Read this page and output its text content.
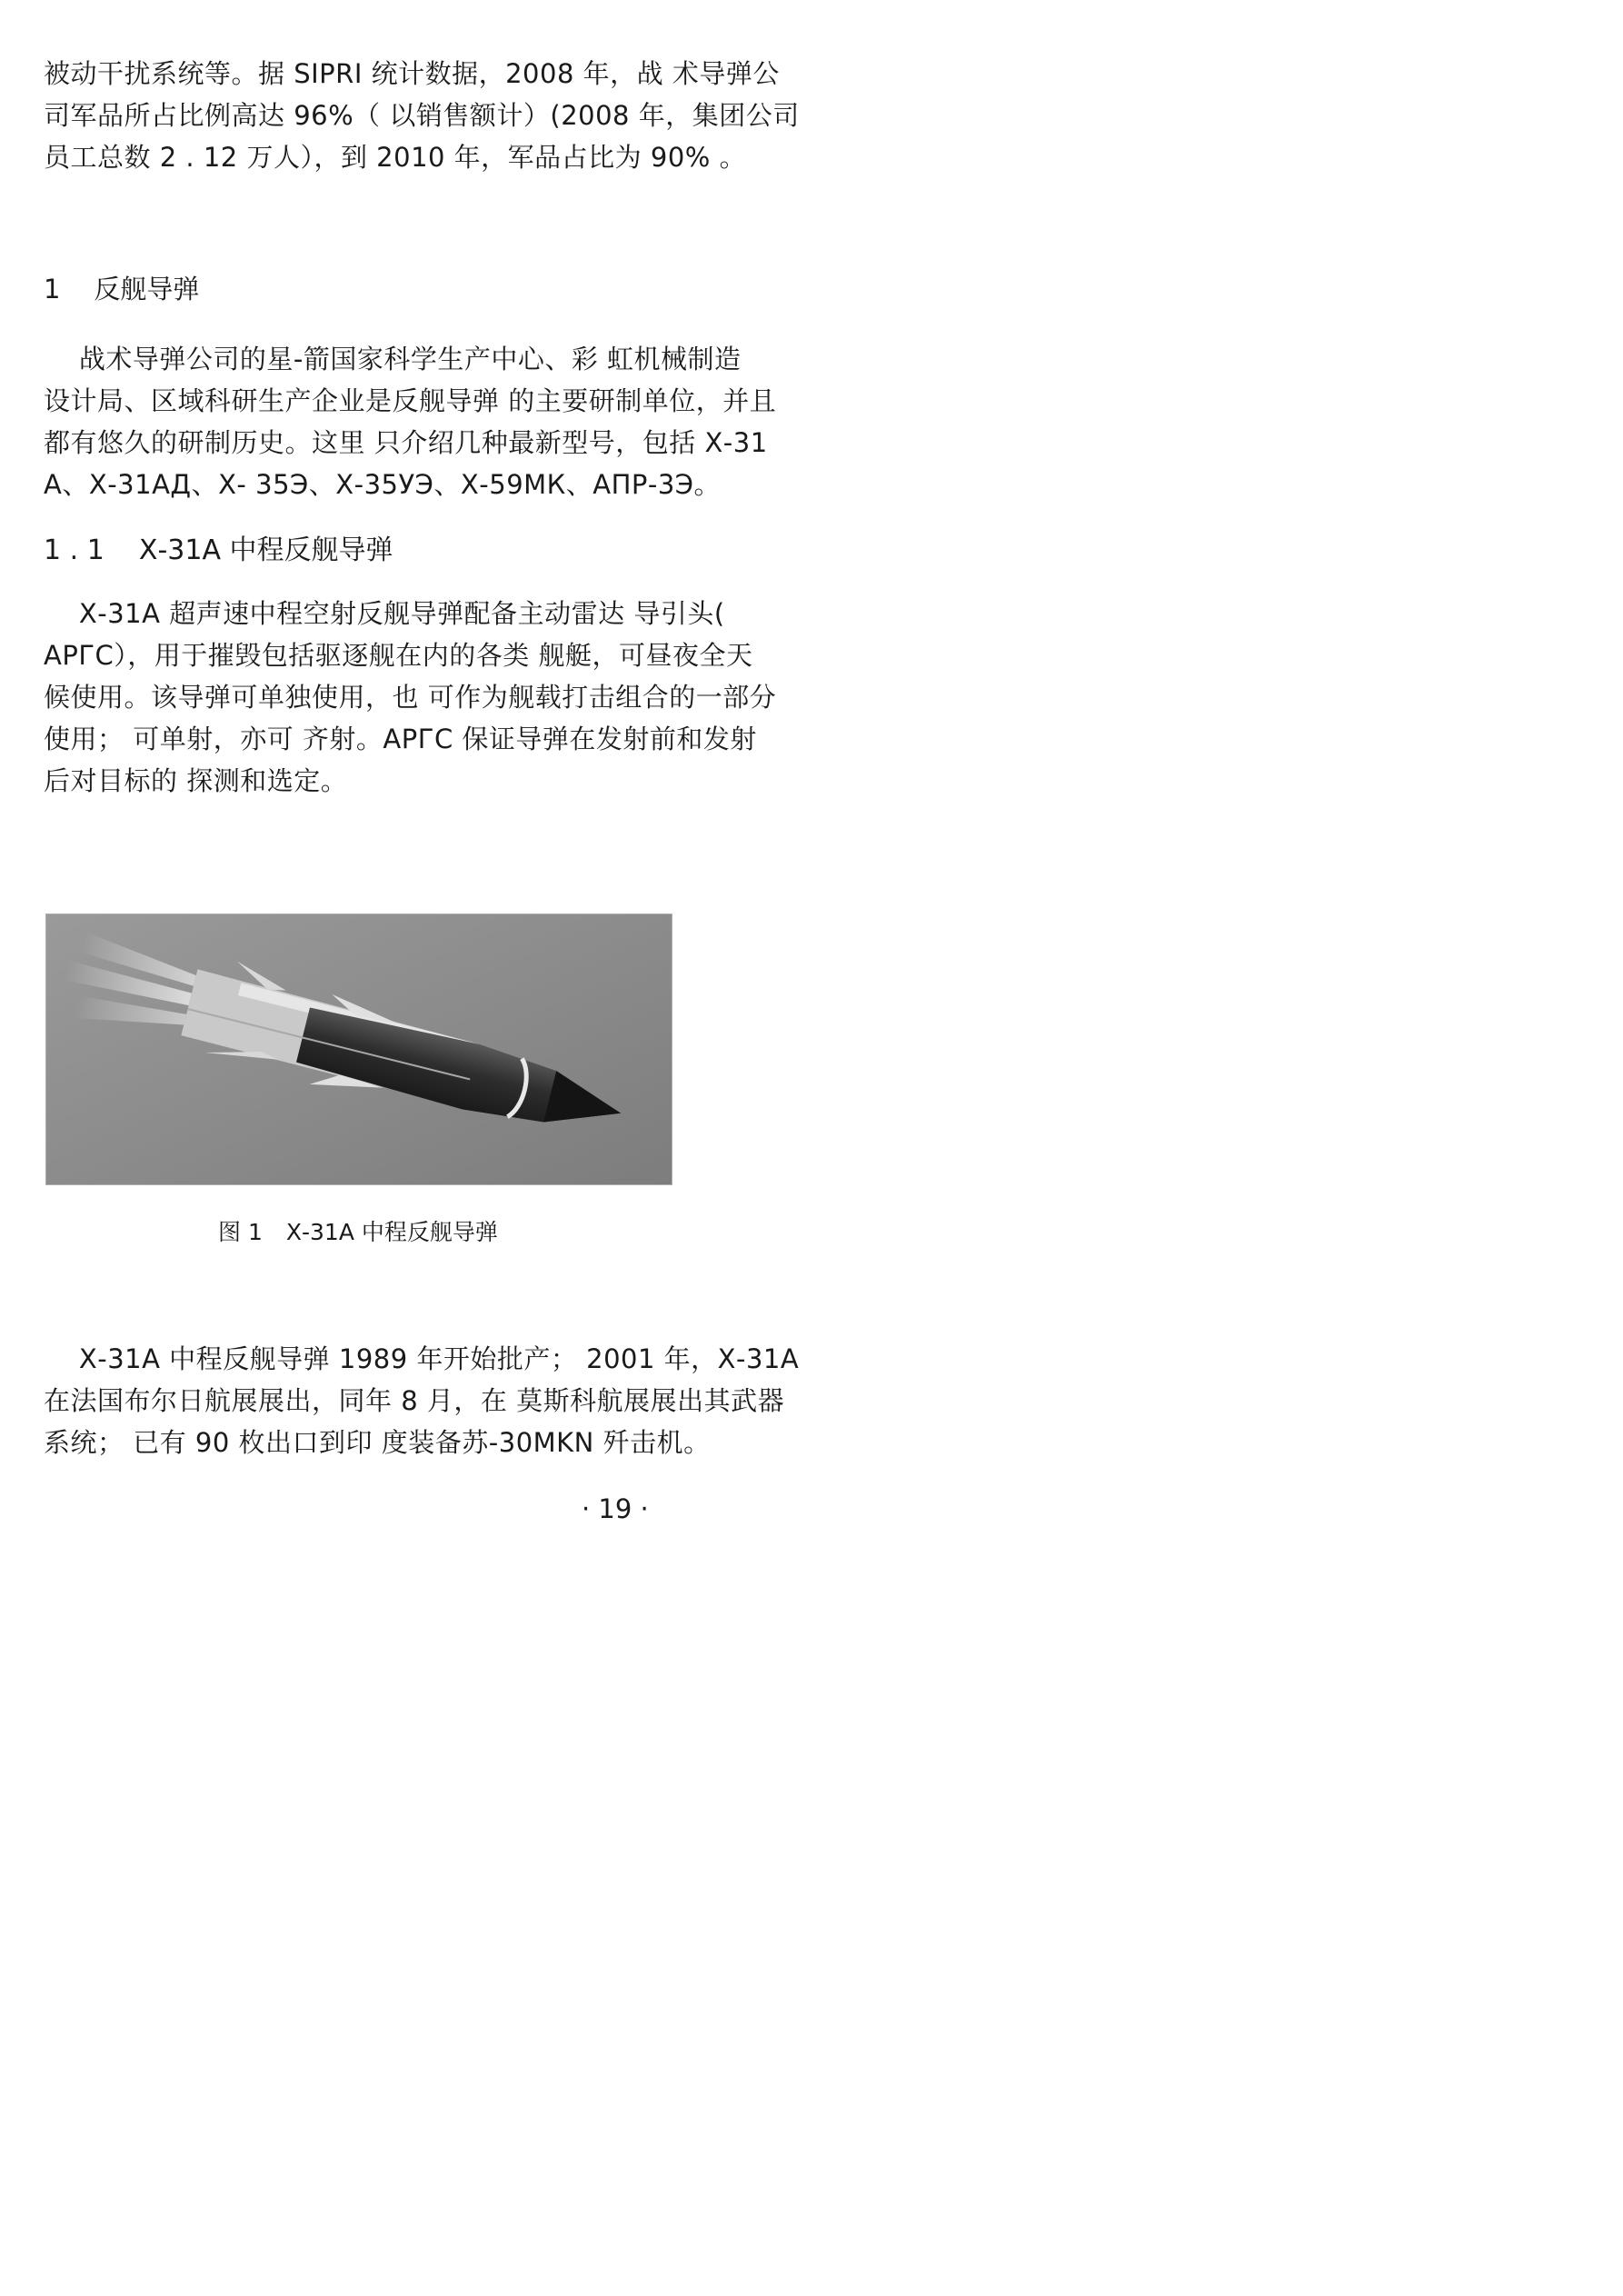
被动干扰系统等。据 SIPRI 统计数据，2008 年，战 术导弹公
司军品所占比例高达 96%（ 以销售额计）(2008 年，集团公司
员工总数 2 . 12 万人），到 2010 年，军品占比为 90% 。
1    反舰导弹
战术导弹公司的星-箭国家科学生产中心、彩 虹机械制造
设计局、区域科研生产企业是反舰导弹 的主要研制单位，并且
都有悠久的研制历史。这里 只介绍几种最新型号，包括 Х-31
А、Х-31АД、Х- 35Э、Х-35УЭ、Х-59МК、АПР-3Э。
1 . 1    Х-31А 中程反舰导弹
Х-31А 超声速中程空射反舰导弹配备主动雷达 导引头(
АРГС），用于摧毁包括驱逐舰在内的各类 舰艇，可昼夜全天
候使用。该导弹可单独使用，也 可作为舰载打击组合的一部分
使用； 可单射，亦可 齐射。АРГС 保证导弹在发射前和发射
后对目标的 探测和选定。
图 1 Х-31А 中程反舰导弹
Х-31А 中程反舰导弹 1989 年开始批产； 2001 年，Х-31А
在法国布尔日航展展出，同年 8 月，在 莫斯科航展展出其武器
系统； 已有 90 枚出口到印 度装备苏-30MKN 歼击机。
· 19 ·
